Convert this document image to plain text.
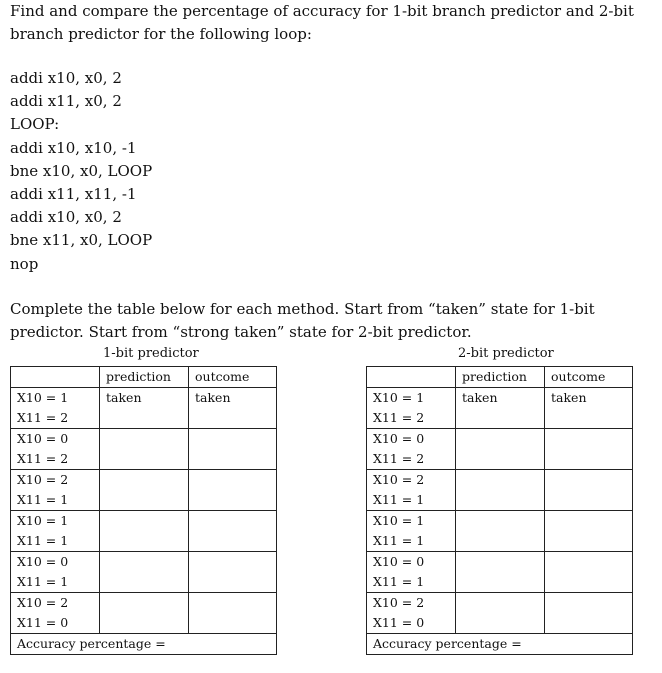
Find and compare the percentage of accuracy for 1-bit branch predictor and 2-bit branch predictor for the following loop:

addi x10, x0, 2
addi x11, x0, 2
LOOP:
addi x10, x10, -1
bne x10, x0, LOOP
addi x11, x11, -1
addi x10, x0, 2
bne x11, x0, LOOP
nop

Complete the table below for each method. Start from “taken” state for 1-bit predictor. Start from “strong taken” state for 2-bit predictor.

1-bit predictor	2-bit predictor
	prediction	outcome

X10 = 1
X11 = 2	taken	taken

X10 = 0
X11 = 2		

X10 = 2
X11 = 1		

X10 = 1
X11 = 1		

X10 = 0
X11 = 1		

X10 = 2
X11 = 0		

Accuracy percentage =		
	prediction	outcome

X10 = 1
X11 = 2	taken	taken

X10 = 0
X11 = 2		

X10 = 2
X11 = 1		

X10 = 1
X11 = 1		

X10 = 0
X11 = 1		

X10 = 2
X11 = 0		

Accuracy percentage =		
